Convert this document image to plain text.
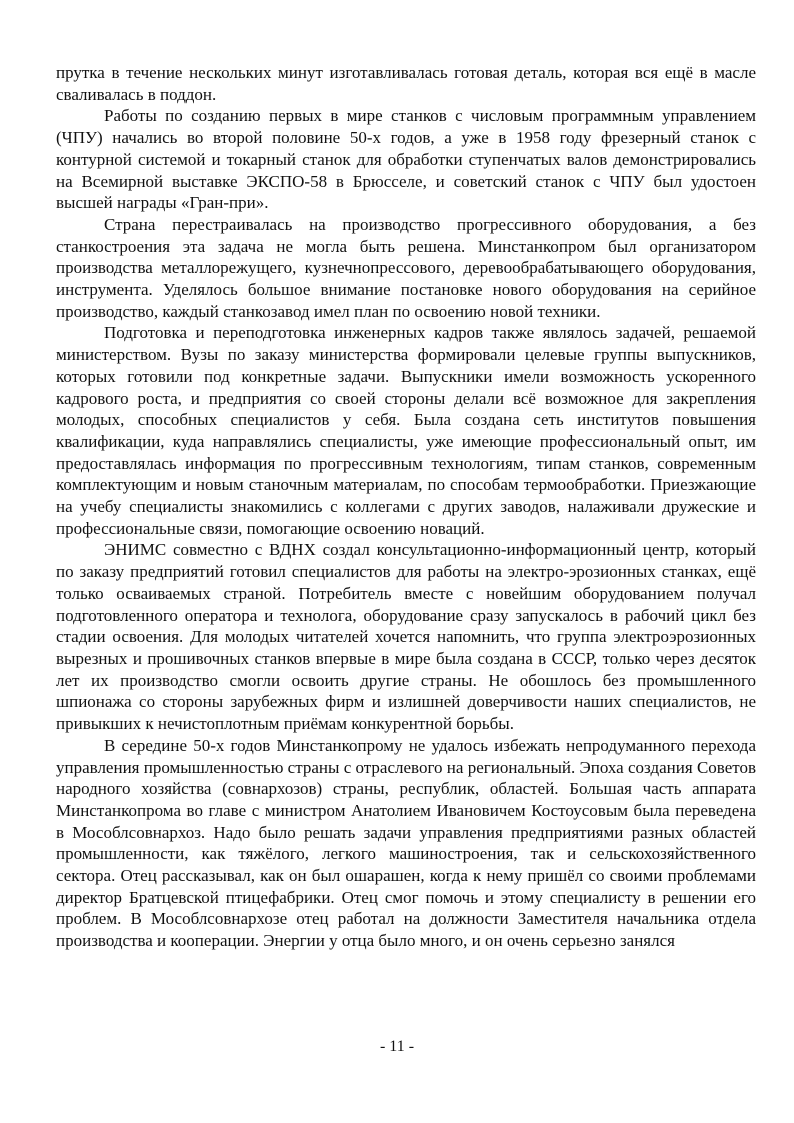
прутка в течение нескольких минут изготавливалась готовая деталь, которая вся ещё в масле сваливалась в поддон.

Работы по созданию первых в мире станков с числовым программным управлением (ЧПУ) начались во второй половине 50-х годов, а уже в 1958 году фрезерный станок с контурной системой и токарный станок для обработки ступенчатых валов демонстрировались на Всемирной выставке ЭКСПО-58 в Брюсселе, и советский станок с ЧПУ был удостоен высшей награды «Гран-при».

Страна перестраивалась на производство прогрессивного оборудования, а без станкостроения эта задача не могла быть решена. Минстанкопром был организатором производства металлорежущего, кузнечнопрессового, деревообрабатывающего оборудования, инструмента. Уделялось большое внимание постановке нового оборудования на серийное производство, каждый станкозавод имел план по освоению новой техники.

Подготовка и переподготовка инженерных кадров также являлось задачей, решаемой министерством. Вузы по заказу министерства формировали целевые группы выпускников, которых готовили под конкретные задачи. Выпускники имели возможность ускоренного кадрового роста, и предприятия со своей стороны делали всё возможное для закрепления молодых, способных специалистов у себя. Была создана сеть институтов повышения квалификации, куда направлялись специалисты, уже имеющие профессиональный опыт, им предоставлялась информация по прогрессивным технологиям, типам станков, современным комплектующим и новым станочным материалам, по способам термообработки. Приезжающие на учебу специалисты знакомились с коллегами с других заводов, налаживали дружеские и профессиональные связи, помогающие освоению новаций.

ЭНИМС совместно с ВДНХ создал консультационно-информационный центр, который по заказу предприятий готовил специалистов для работы на электро-эрозионных станках, ещё только осваиваемых страной. Потребитель вместе с новейшим оборудованием получал подготовленного оператора и технолога, оборудование сразу запускалось в рабочий цикл без стадии освоения. Для молодых читателей хочется напомнить, что группа электроэрозионных вырезных и прошивочных станков впервые в мире была создана в СССР, только через десяток лет их производство смогли освоить другие страны. Не обошлось без промышленного шпионажа со стороны зарубежных фирм и излишней доверчивости наших специалистов, не привыкших к нечистоплотным приёмам конкурентной борьбы.

В середине 50-х годов Минстанкопрому не удалось избежать непродуманного перехода управления промышленностью страны с отраслевого на региональный. Эпоха создания Советов народного хозяйства (совнархозов) страны, республик, областей. Большая часть аппарата Минстанкопрома во главе с министром Анатолием Ивановичем Костоусовым была переведена в Мособлсовнархоз. Надо было решать задачи управления предприятиями разных областей промышленности, как тяжёлого, легкого машиностроения, так и сельскохозяйственного сектора. Отец рассказывал, как он был ошарашен, когда к нему пришёл со своими проблемами директор Братцевской птицефабрики. Отец смог помочь и этому специалисту в решении его проблем. В Мособлсовнархозе отец работал на должности Заместителя начальника отдела производства и кооперации. Энергии у отца было много, и он очень серьезно занялся

- 11 -
